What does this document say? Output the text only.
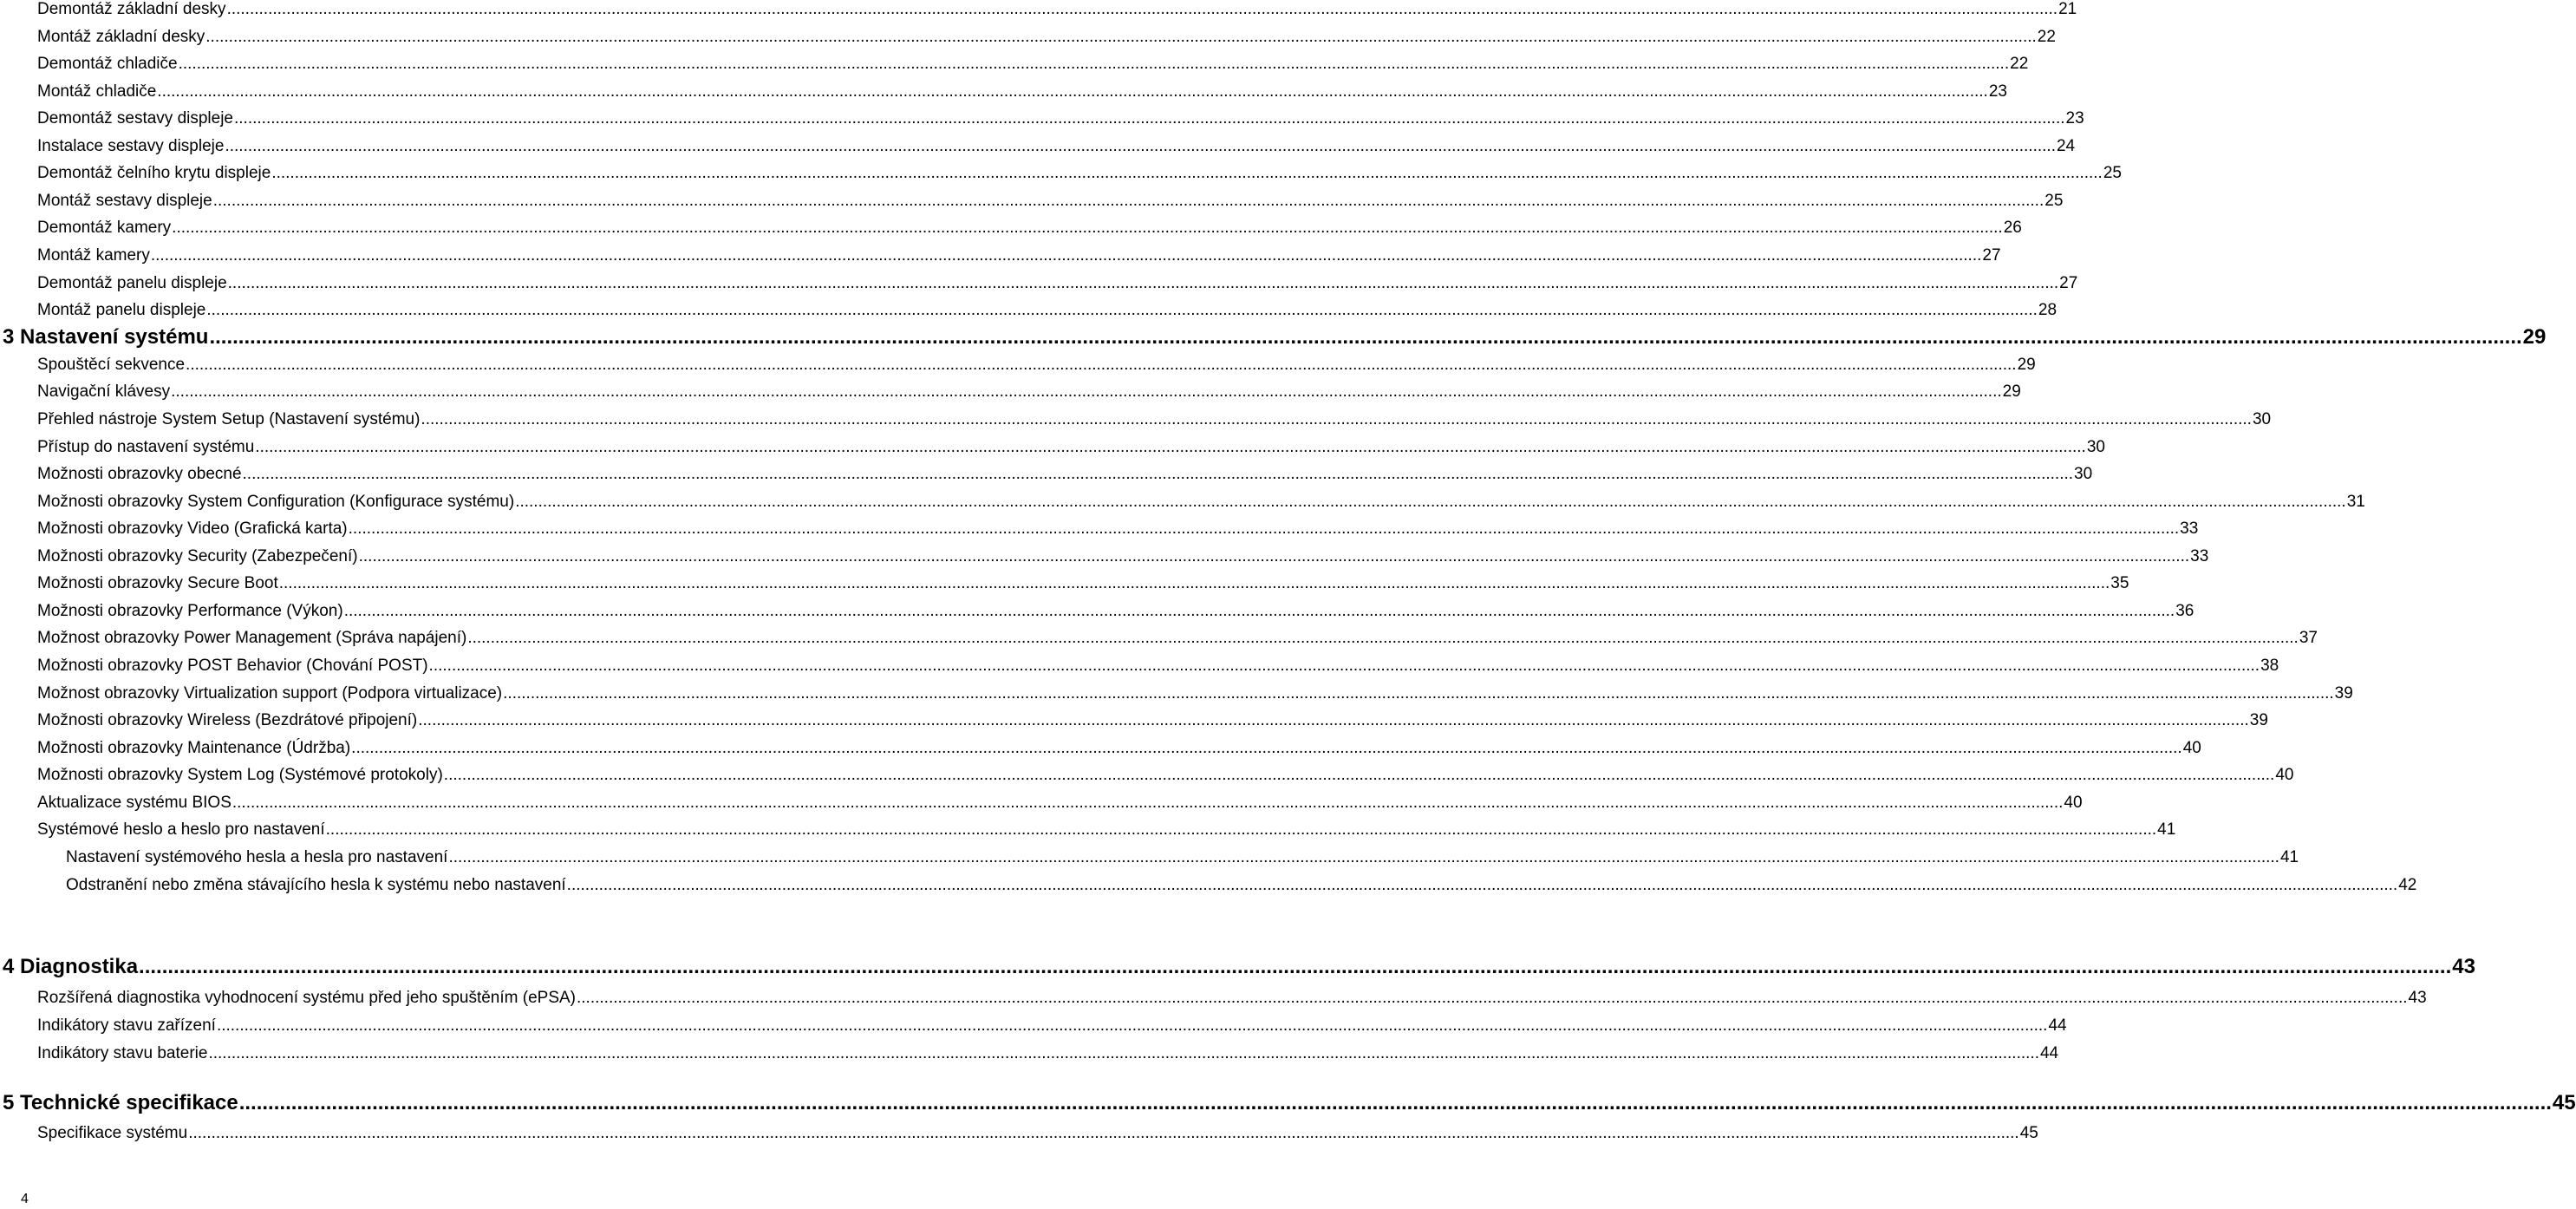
Demontáž základní desky ................................................................................................................................................................................................................................................................................................................................................................................................................ 21
Montáž základní desky ................................................................................................................................................................................................................................................................................................................................................................................................................ 22
Demontáž chladiče ................................................................................................................................................................................................................................................................................................................................................................................................................ 22
Montáž chladiče ................................................................................................................................................................................................................................................................................................................................................................................................................ 23
Demontáž sestavy displeje ................................................................................................................................................................................................................................................................................................................................................................................................................ 23
Instalace sestavy displeje ................................................................................................................................................................................................................................................................................................................................................................................................................ 24
Demontáž čelního krytu displeje ................................................................................................................................................................................................................................................................................................................................................................................................................ 25
Montáž sestavy displeje ................................................................................................................................................................................................................................................................................................................................................................................................................ 25
Demontáž kamery ................................................................................................................................................................................................................................................................................................................................................................................................................ 26
Montáž kamery ................................................................................................................................................................................................................................................................................................................................................................................................................ 27
Demontáž panelu displeje ................................................................................................................................................................................................................................................................................................................................................................................................................ 27
Montáž panelu displeje ................................................................................................................................................................................................................................................................................................................................................................................................................ 28
3 Nastavení systému ................................................................................................................................................................................................................................................................................................................................................................................................................ 29
Spouštěcí sekvence ................................................................................................................................................................................................................................................................................................................................................................................................................ 29
Navigační klávesy ................................................................................................................................................................................................................................................................................................................................................................................................................ 29
Přehled nástroje System Setup (Nastavení systému) ................................................................................................................................................................................................................................................................................................................................................................................................................ 30
Přístup do nastavení systému ................................................................................................................................................................................................................................................................................................................................................................................................................ 30
Možnosti obrazovky obecné ................................................................................................................................................................................................................................................................................................................................................................................................................ 30
Možnosti obrazovky System Configuration (Konfigurace systému) ................................................................................................................................................................................................................................................................................................................................................................................................................ 31
Možnosti obrazovky Video (Grafická karta) ................................................................................................................................................................................................................................................................................................................................................................................................................ 33
Možnosti obrazovky Security (Zabezpečení) ................................................................................................................................................................................................................................................................................................................................................................................................................ 33
Možnosti obrazovky Secure Boot ................................................................................................................................................................................................................................................................................................................................................................................................................ 35
Možnosti obrazovky Performance (Výkon) ................................................................................................................................................................................................................................................................................................................................................................................................................ 36
Možnost obrazovky Power Management (Správa napájení) ................................................................................................................................................................................................................................................................................................................................................................................................................ 37
Možnosti obrazovky POST Behavior (Chování POST) ................................................................................................................................................................................................................................................................................................................................................................................................................ 38
Možnost obrazovky Virtualization support (Podpora virtualizace) ................................................................................................................................................................................................................................................................................................................................................................................................................ 39
Možnosti obrazovky Wireless (Bezdrátové připojení) ................................................................................................................................................................................................................................................................................................................................................................................................................ 39
Možnosti obrazovky Maintenance (Údržba) ................................................................................................................................................................................................................................................................................................................................................................................................................ 40
Možnosti obrazovky System Log (Systémové protokoly) ................................................................................................................................................................................................................................................................................................................................................................................................................ 40
Aktualizace systému BIOS ................................................................................................................................................................................................................................................................................................................................................................................................................ 40
Systémové heslo a heslo pro nastavení ................................................................................................................................................................................................................................................................................................................................................................................................................ 41
Nastavení systémového hesla a hesla pro nastavení ................................................................................................................................................................................................................................................................................................................................................................................................................ 41
Odstranění nebo změna stávajícího hesla k systému nebo nastavení ................................................................................................................................................................................................................................................................................................................................................................................................................ 42
4 Diagnostika ................................................................................................................................................................................................................................................................................................................................................................................................................ 43
Rozšířená diagnostika vyhodnocení systému před jeho spuštěním (ePSA) ................................................................................................................................................................................................................................................................................................................................................................................................................ 43
Indikátory stavu zařízení ................................................................................................................................................................................................................................................................................................................................................................................................................ 44
Indikátory stavu baterie ................................................................................................................................................................................................................................................................................................................................................................................................................ 44
5 Technické specifikace ................................................................................................................................................................................................................................................................................................................................................................................................................ 45
Specifikace systému ................................................................................................................................................................................................................................................................................................................................................................................................................ 45
4
